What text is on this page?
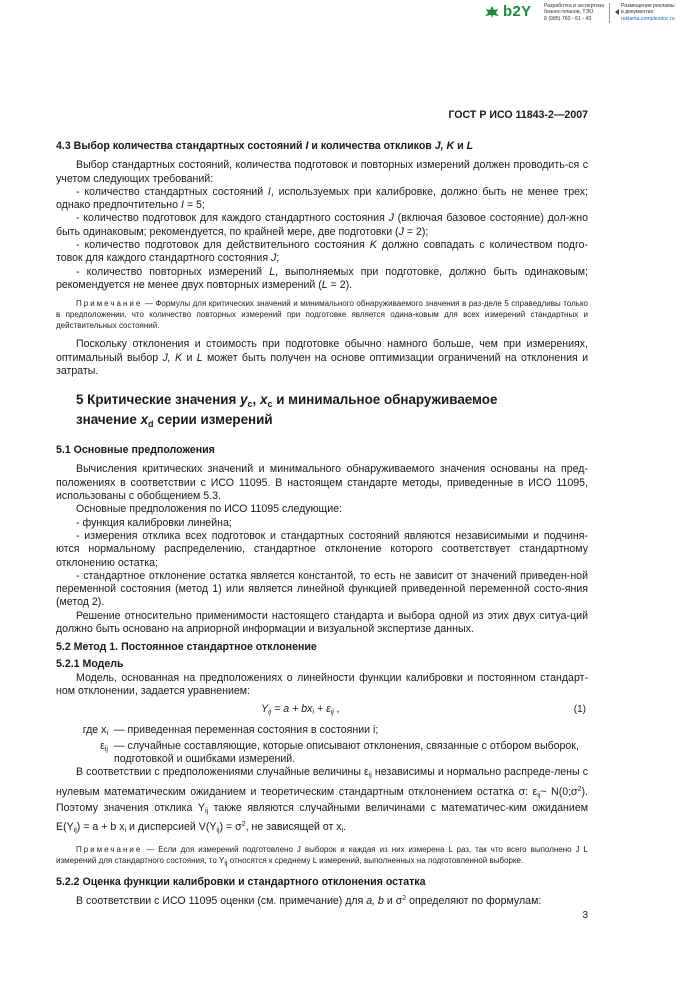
b2Y Разработка и экспертиза
бизнес-планов, ТЭО
8 (985) 760 - 61 - 43
Размещение рекламы
в документах:
reklama.complexdoc.ru
ГОСТ Р ИСО 11843-2—2007
4.3 Выбор количества стандартных состояний I и количества откликов J, K и L

Выбор стандартных состояний, количества подготовок и повторных измерений должен проводить-ся с учетом следующих требований:

- количество стандартных состояний I, используемых при калибровке, должно быть не менее трех; однако предпочтительно I = 5;

- количество подготовок для каждого стандартного состояния J (включая базовое состояние) дол-жно быть одинаковым; рекомендуется, по крайней мере, две подготовки (J = 2);

- количество подготовок для действительного состояния K должно совпадать с количеством подго-товок для каждого стандартного состояния J;

- количество повторных измерений L, выполняемых при подготовке, должно быть одинаковым; рекомендуется не менее двух повторных измерений (L = 2).

Примечание — Формулы для критических значений и минимального обнаруживаемого значения в раз-деле 5 справедливы только в предположении, что количество повторных измерений при подготовке является одина-ковым для всех измерений стандартных и действительных состояний.

Поскольку отклонения и стоимость при подготовке обычно намного больше, чем при измерениях, оптимальный выбор J, K и L может быть получен на основе оптимизации ограничений на отклонения и затраты.

5 Критические значения $y_c$, $x_c$ и минимальное обнаруживаемое
значение $x_d$ серии измерений
5.1 Основные предположения

Вычисления критических значений и минимального обнаруживаемого значения основаны на пред-положениях в соответствии с ИСО 11095. В настоящем стандарте методы, приведенные в ИСО 11095, использованы с обобщением 5.3.

Основные предположения по ИСО 11095 следующие:

- функция калибровки линейна;

- измерения отклика всех подготовок и стандартных состояний являются независимыми и подчиня-ются нормальному распределению, стандартное отклонение которого соответствует стандартному отклонению остатка;

- стандартное отклонение остатка является константой, то есть не зависит от значений приведен-ной переменной состояния (метод 1) или является линейной функцией приведенной переменной состо-яния (метод 2).

Решение относительно применимости настоящего стандарта и выбора одной из этих двух ситуа-ций должно быть основано на априорной информации и визуальной экспертизе данных.

5.2 Метод 1. Постоянное стандартное отклонение
5.2.1 Модель

Модель, основанная на предположениях о линейности функции калибровки и постоянном стандарт-ном отклонении, задается уравнением:

$Y_{ij} = a + bx_i + \varepsilon_{ij}$ ,	(1)
где $x_i$ — приведенная переменная состояния в состоянии i;
$\varepsilon_{ij}$ — случайные составляющие, которые описывают отклонения, связанные с отбором выборок, подготовкой и ошибками измерений.

В соответствии с предположениями случайные величины $\varepsilon_{ij}$ независимы и нормально распреде-лены с нулевым математическим ожиданием и теоретическим стандартным отклонением остатка σ: $\varepsilon_{ij}\sim$ $N(0;\sigma^2)$. Поэтому значения отклика $Y_{ij}$ также являются случайными величинами с математичес-ким ожиданием $E(Y_{ij}) = a + b$ $x_i$ и дисперсией $V(Y_{ij}) = \sigma^2$, не зависящей от $x_i$.

Примечание — Если для измерений подготовлено J выборок и каждая из них измерена L раз, так что всего выполнено J L измерений для стандартного состояния, то $Y_{ij}$ относятся к среднему L измерений, выполненных на подготовленной выборке.

5.2.2 Оценка функции калибровки и стандартного отклонения остатка

В соответствии с ИСО 11095 оценки (см. примечание) для a, b и $\sigma^2$ определяют по формулам:

3
